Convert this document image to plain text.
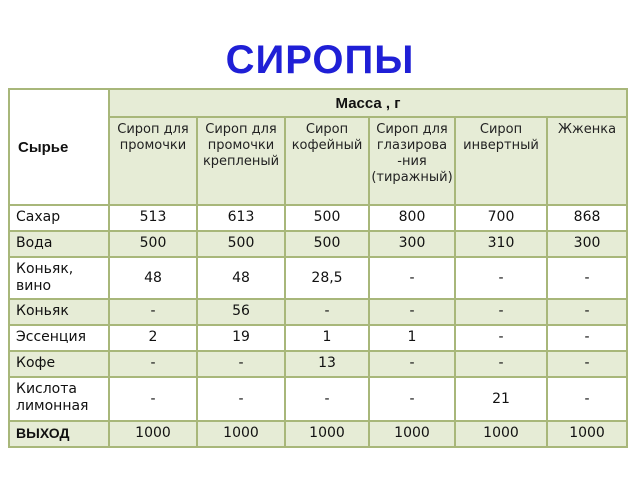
СИРОПЫ
Сырье	Масса , г					
	Сироп для промочки	Сироп для промочки крепленый	Сироп кофейный	Сироп для глазирова -ния (тиражный)	Сироп инвертный	Жженка
Сахар	513	613	500	800	700	868
Вода	500	500	500	300	310	300
Коньяк, вино	48	48	28,5	-	-	-
Коньяк	-	56	-	-	-	-
Эссенция	2	19	1	1	-	-
Кофе	-	-	13	-	-	-
Кислота лимонная	-	-	-	-	21	-
ВЫХОД	1000	1000	1000	1000	1000	1000
